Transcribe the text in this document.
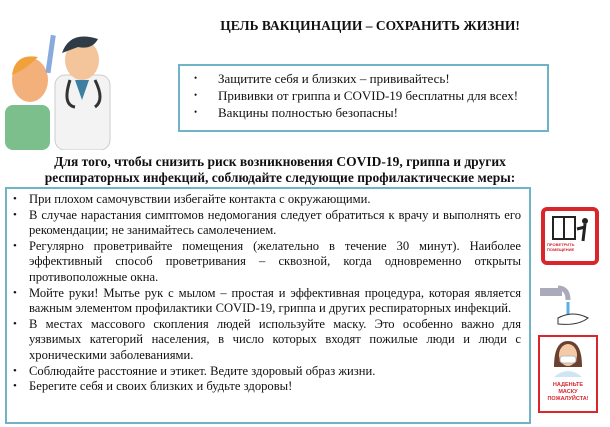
ЦЕЛЬ ВАКЦИНАЦИИ – СОХРАНИТЬ ЖИЗНИ!
• Защитите себя и близких – прививайтесь!
• Прививки от гриппа и COVID-19 бесплатны для всех!
• Вакцины полностью безопасны!
Для того, чтобы снизить риск возникновения COVID-19, гриппа и других респираторных инфекций, соблюдайте следующие профилактические меры:
• При плохом самочувствии избегайте контакта с окружающими.
• В случае нарастания симптомов недомогания следует обратиться к врачу и выполнять его рекомендации; не занимайтесь самолечением.
• Регулярно проветривайте помещения (желательно в течение 30 минут). Наиболее эффективный способ проветривания – сквозной, когда одновременно открыты противоположные окна.
• Мойте руки! Мытье рук с мылом – простая и эффективная процедура, которая является важным элементом профилактики COVID-19, гриппа и других респираторных инфекций.
• В местах массового скопления людей используйте маску. Это особенно важно для уязвимых категорий населения, в число которых входят пожилые люди и люди с хроническими заболеваниями.
• Соблюдайте расстояние и этикет. Ведите здоровый образ жизни.
• Берегите себя и своих близких и будьте здоровы!
ПРОВЕТРИТЬ ПОМЕЩЕНИЕ
НАДЕНЬТЕ МАСКУ ПОЖАЛУЙСТА!
